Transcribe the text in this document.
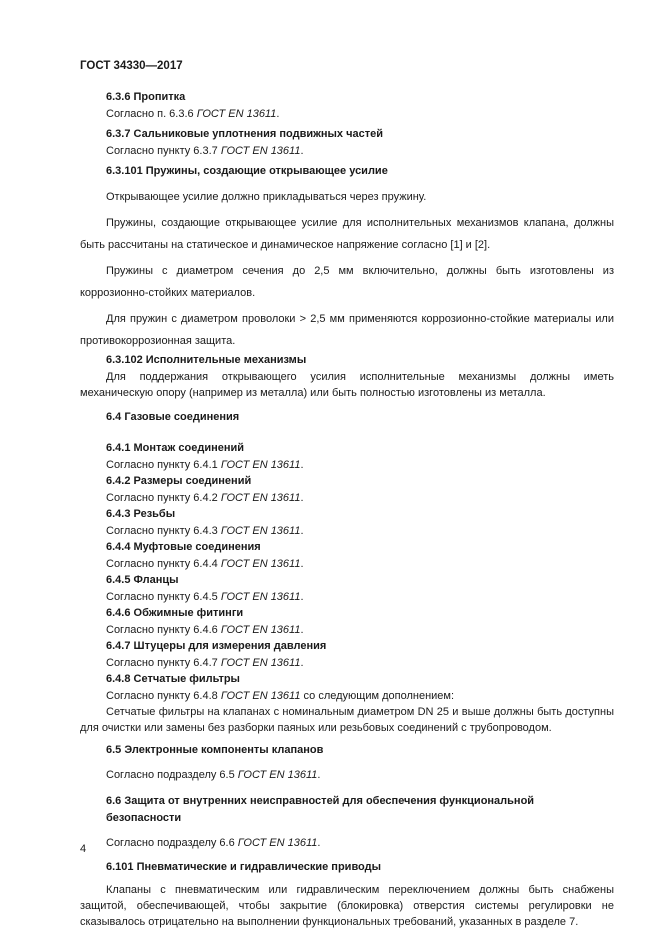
ГОСТ 34330—2017
6.3.6 Пропитка
Согласно п. 6.3.6 ГОСТ EN 13611.
6.3.7 Сальниковые уплотнения подвижных частей
Согласно пункту 6.3.7 ГОСТ EN 13611.
6.3.101 Пружины, создающие открывающее усилие
Открывающее усилие должно прикладываться через пружину.
Пружины, создающие открывающее усилие для исполнительных механизмов клапана, должны быть рассчитаны на статическое и динамическое напряжение согласно [1] и [2].
Пружины с диаметром сечения до 2,5 мм включительно, должны быть изготовлены из коррозионно-стойких материалов.
Для пружин с диаметром проволоки > 2,5 мм применяются коррозионно-стойкие материалы или противокоррозионная защита.
6.3.102 Исполнительные механизмы
Для поддержания открывающего усилия исполнительные механизмы должны иметь механическую опору (например из металла) или быть полностью изготовлены из металла.
6.4 Газовые соединения
6.4.1 Монтаж соединений
Согласно пункту 6.4.1 ГОСТ EN 13611.
6.4.2 Размеры соединений
Согласно пункту 6.4.2 ГОСТ EN 13611.
6.4.3 Резьбы
Согласно пункту 6.4.3 ГОСТ EN 13611.
6.4.4 Муфтовые соединения
Согласно пункту 6.4.4 ГОСТ EN 13611.
6.4.5 Фланцы
Согласно пункту 6.4.5 ГОСТ EN 13611.
6.4.6 Обжимные фитинги
Согласно пункту 6.4.6 ГОСТ EN 13611.
6.4.7 Штуцеры для измерения давления
Согласно пункту 6.4.7 ГОСТ EN 13611.
6.4.8 Сетчатые фильтры
Согласно пункту 6.4.8 ГОСТ EN 13611 со следующим дополнением:
Сетчатые фильтры на клапанах с номинальным диаметром DN 25 и выше должны быть доступны для очистки или замены без разборки паяных или резьбовых соединений с трубопроводом.
6.5 Электронные компоненты клапанов
Согласно подразделу 6.5 ГОСТ EN 13611.
6.6 Защита от внутренних неисправностей для обеспечения функциональной
безопасности
Согласно подразделу 6.6 ГОСТ EN 13611.
6.101 Пневматические и гидравлические приводы
Клапаны с пневматическим или гидравлическим переключением должны быть снабжены защитой, обеспечивающей, чтобы закрытие (блокировка) отверстия системы регулировки не сказывалось отрицательно на выполнении функциональных требований, указанных в разделе 7.
4
